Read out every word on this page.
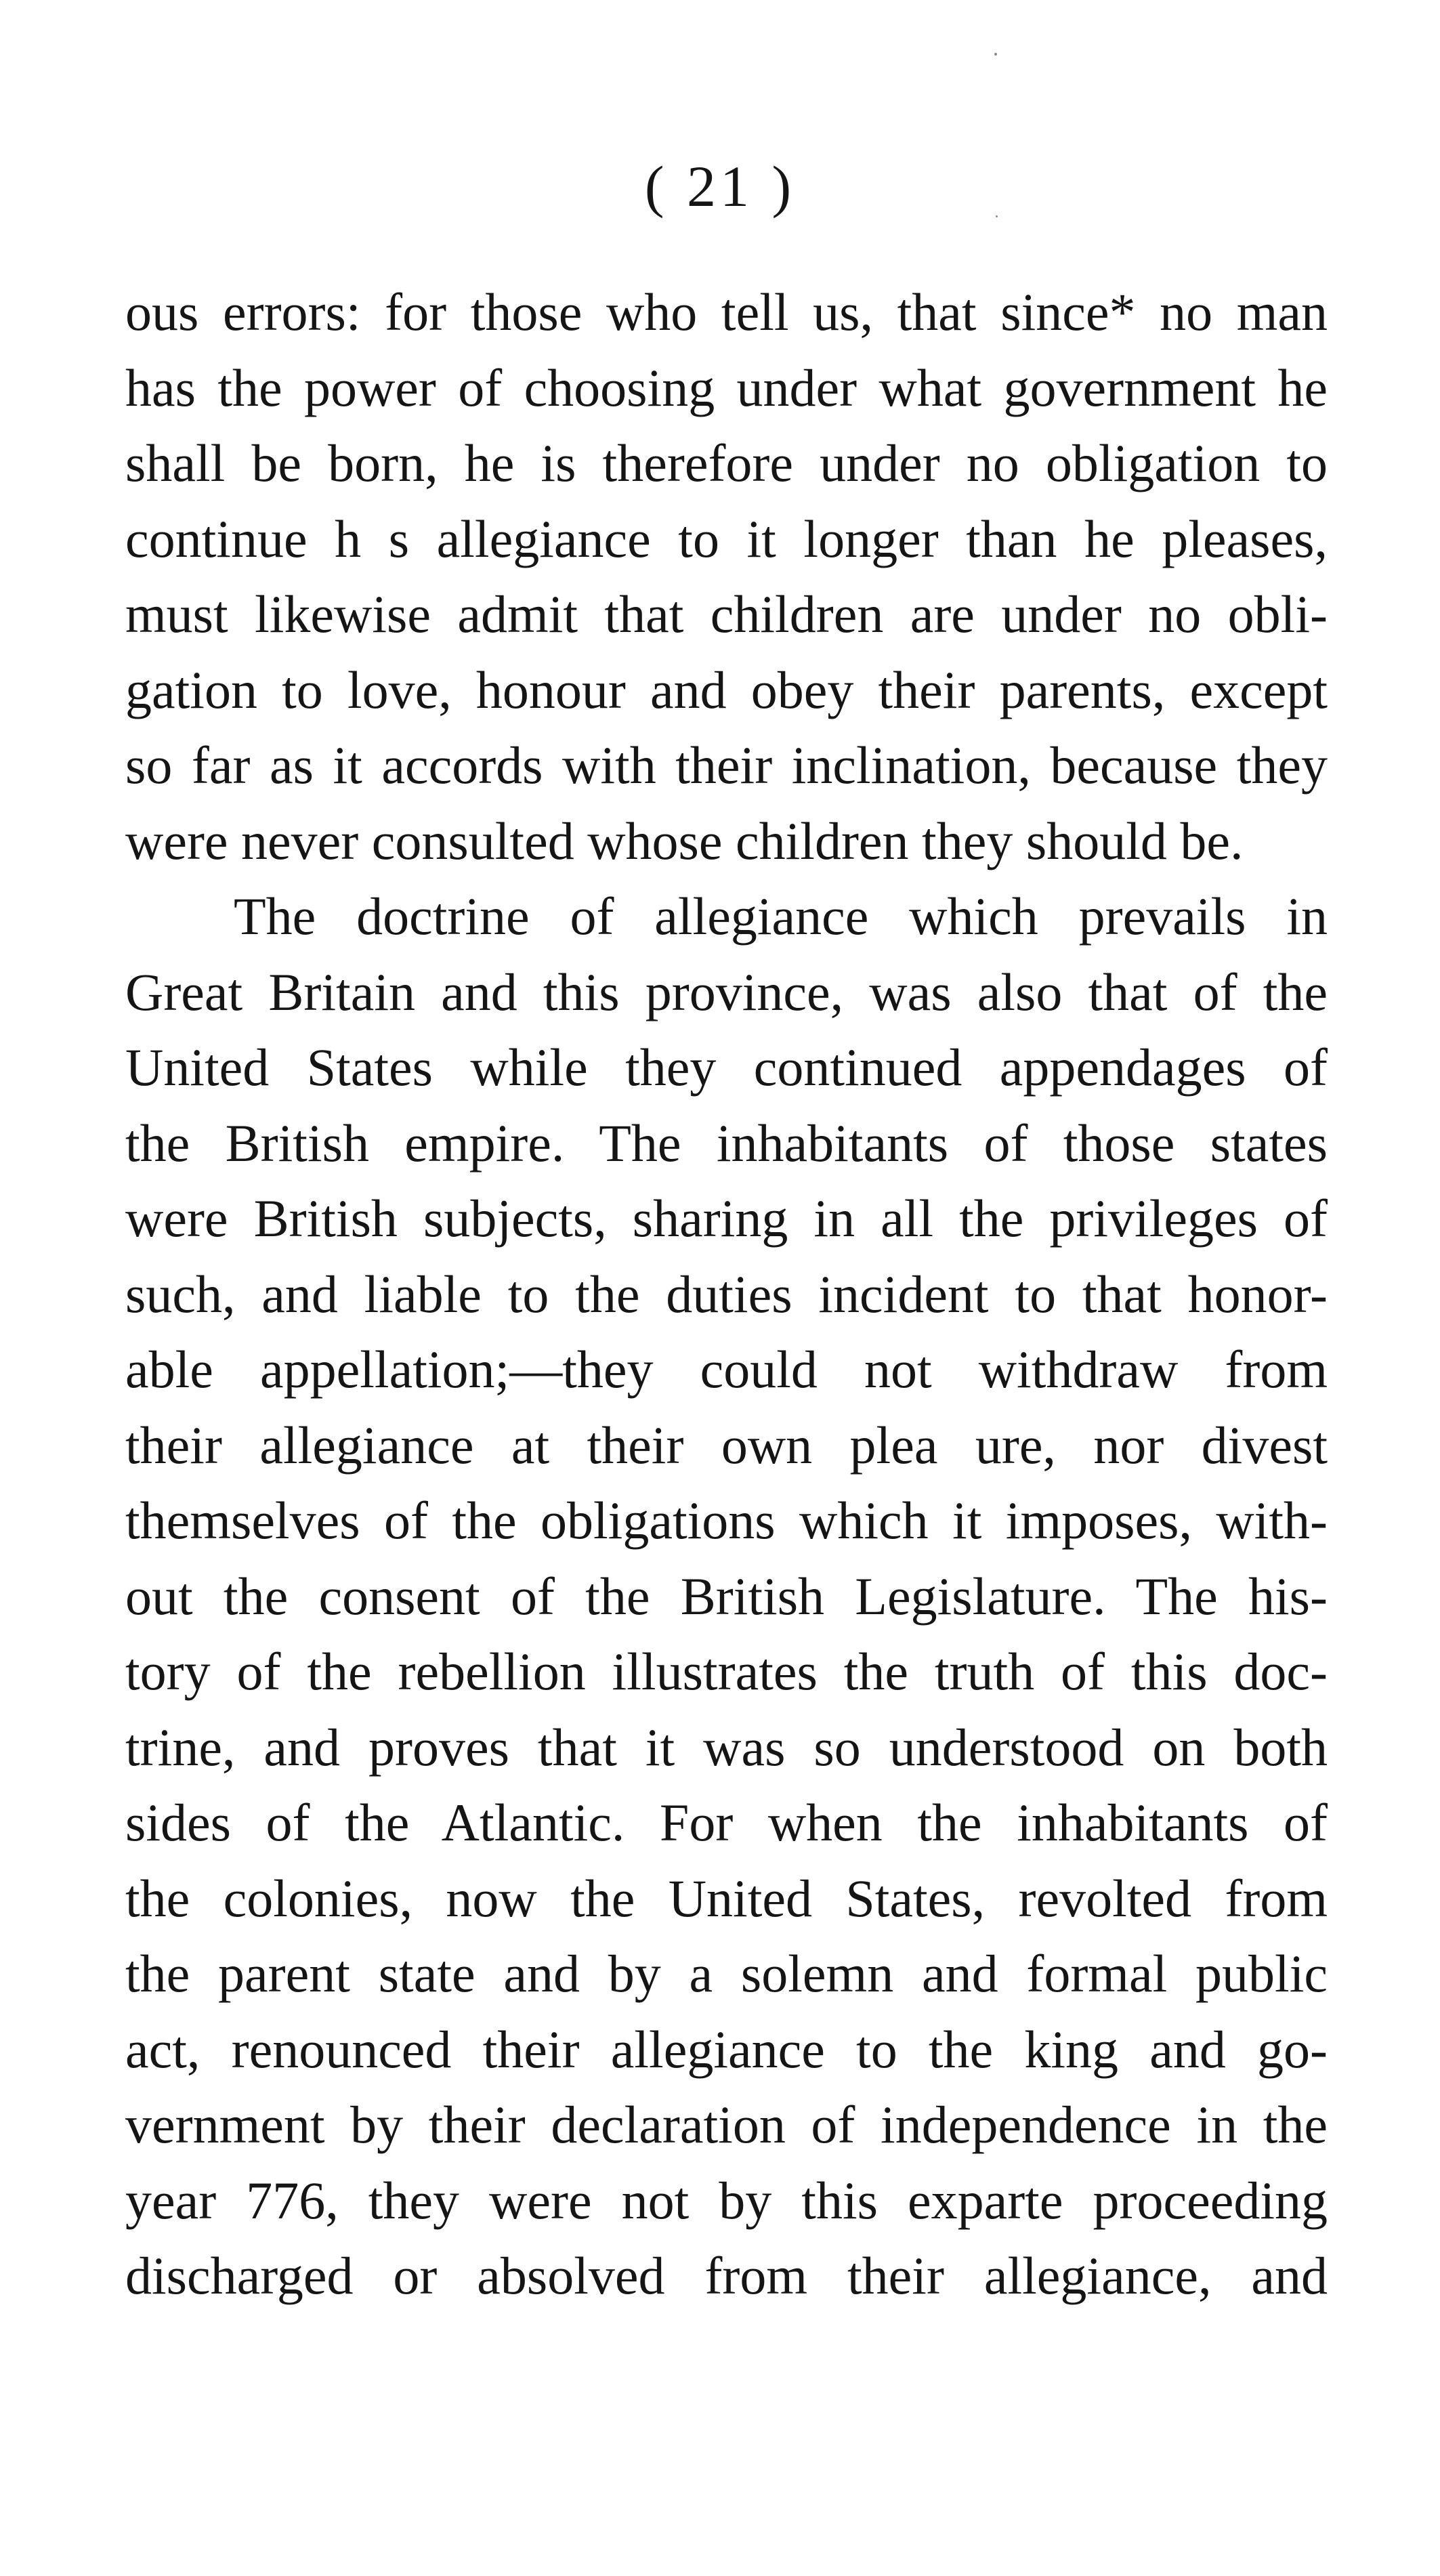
( 21 )
ous errors: for those who tell us, that since* no man
has the power of choosing under what government he
shall be born, he is therefore under no obligation to
continue h s allegiance to it longer than he pleases,
must likewise admit that children are under no obli-
gation to love, honour and obey their parents, except
so far as it accords with their inclination, because they
were never consulted whose children they should be.
The doctrine of allegiance which prevails in
Great Britain and this province, was also that of the
United States while they continued appendages of
the British empire. The inhabitants of those states
were British subjects, sharing in all the privileges of
such, and liable to the duties incident to that honor-
able appellation;—they could not withdraw from
their allegiance at their own plea ure, nor divest
themselves of the obligations which it imposes, with-
out the consent of the British Legislature. The his-
tory of the rebellion illustrates the truth of this doc-
trine, and proves that it was so understood on both
sides of the Atlantic. For when the inhabitants of
the colonies, now the United States, revolted from
the parent state and by a solemn and formal public
act, renounced their allegiance to the king and go-
vernment by their declaration of independence in the
year 776, they were not by this exparte proceeding
discharged or absolved from their allegiance, and
